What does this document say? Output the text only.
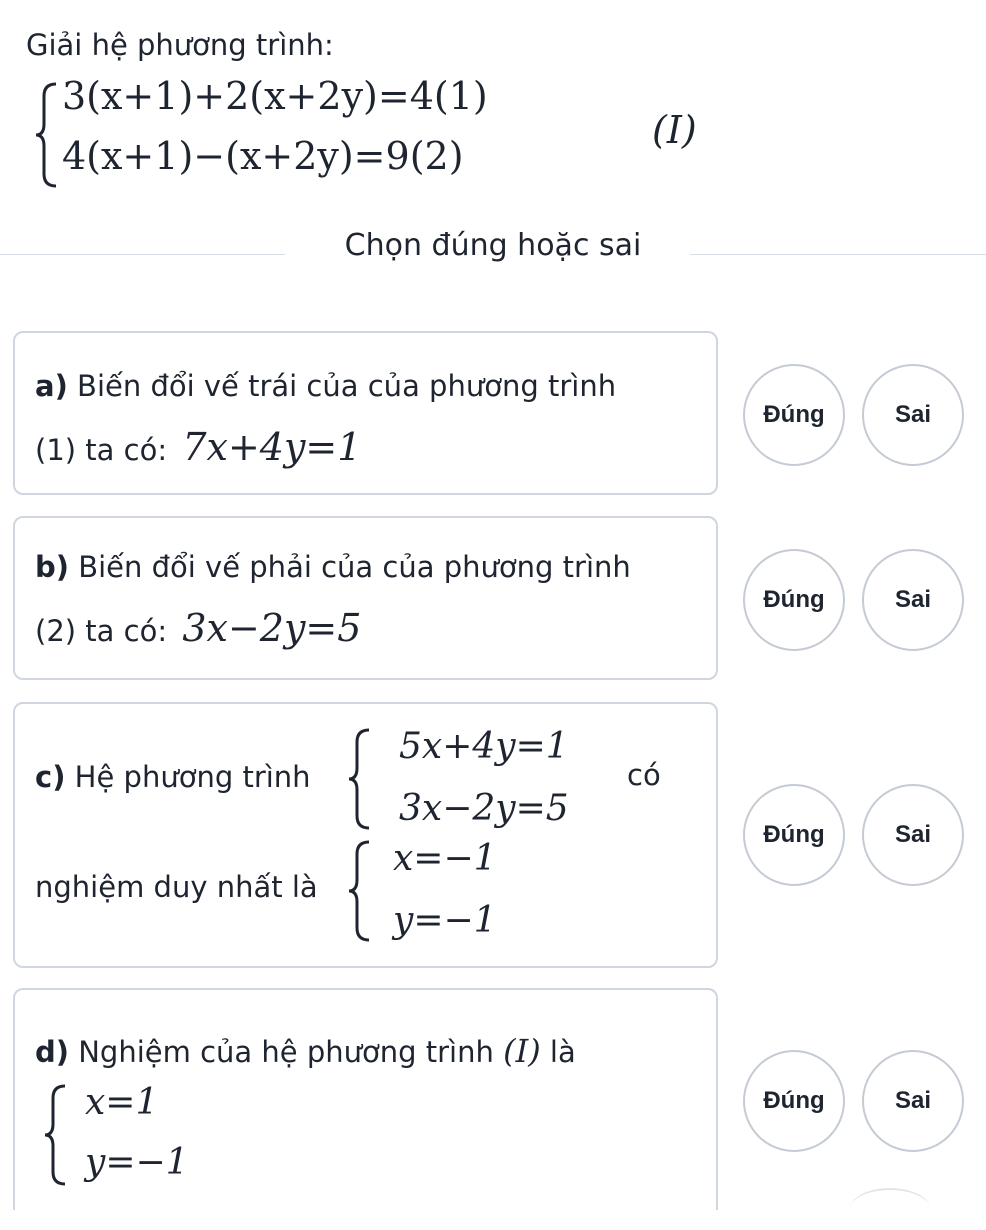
Giải hệ phương trình:
3(x+1)+2(x+2y)=4(1)
4(x+1)−(x+2y)=9(2)
(I)
Chọn đúng hoặc sai
a) Biến đổi vế trái của của phương trình
(1) ta có: 7x+4y=1
Đúng	Sai
b) Biến đổi vế phải của của phương trình
(2) ta có: 3x−2y=5
Đúng	Sai
c) Hệ phương trình
5x+4y=1
3x−2y=5
có
nghiệm duy nhất là
x=−1
y=−1
Đúng	Sai
d) Nghiệm của hệ phương trình (I) là
x=1
y=−1
Đúng	Sai
